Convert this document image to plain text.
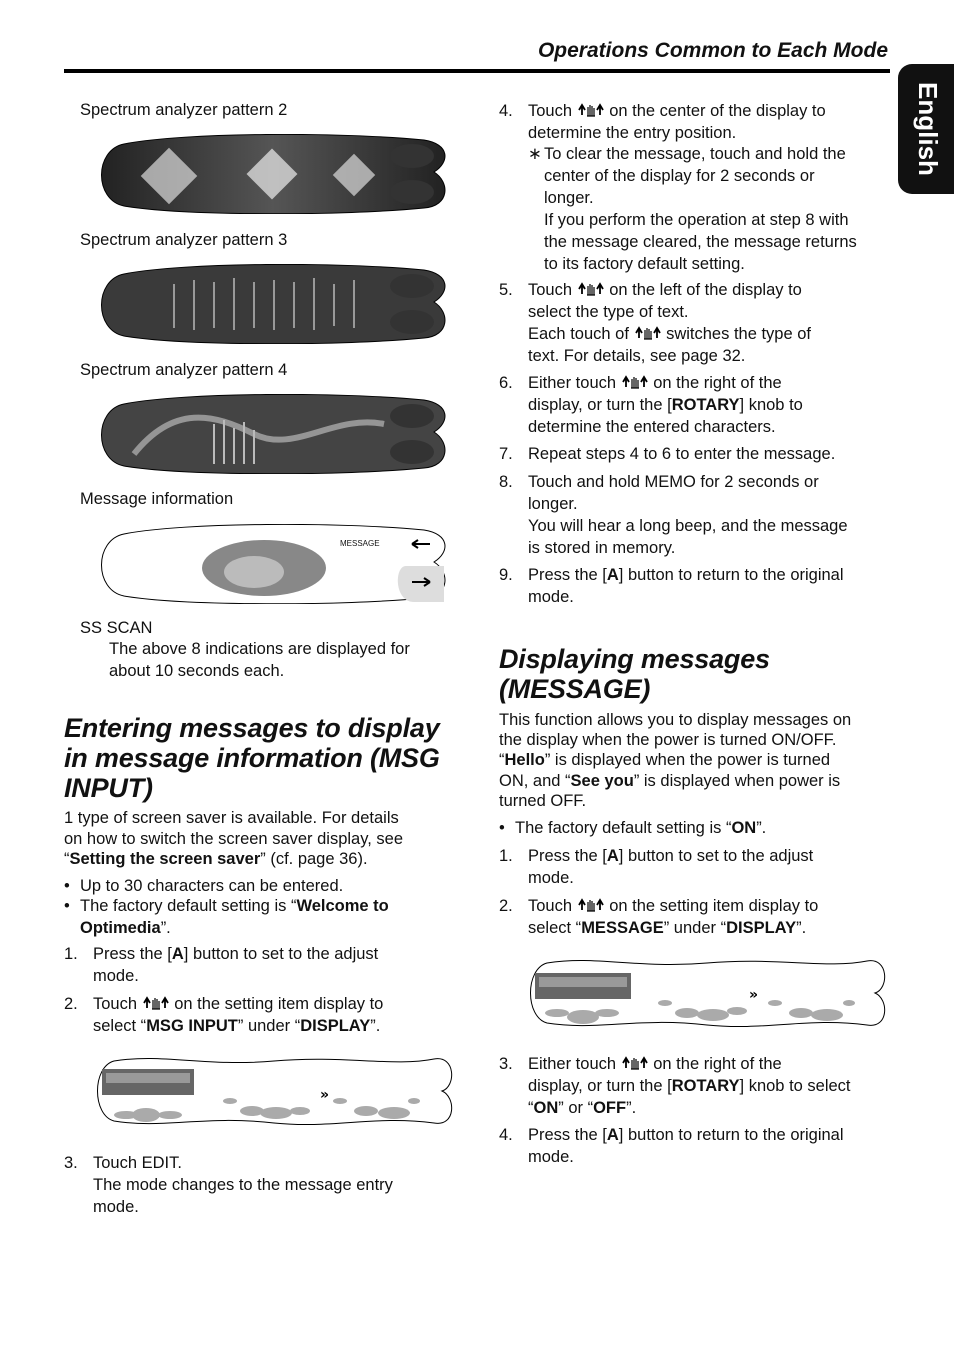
Operations Common to Each Mode
English
Spectrum analyzer pattern 2
Spectrum analyzer pattern 3
Spectrum analyzer pattern 4
Message information
MESSAGE
SS SCAN
The above 8 indications are displayed for
about 10 seconds each.
Entering messages to display
in message information (MSG
INPUT)
1 type of screen saver is available. For details
on how to switch the screen saver display, see
“Setting the screen saver” (cf. page 36).
• Up to 30 characters can be entered.
• The factory default setting is “Welcome to
Optimedia”.
1. Press the [A] button to set to the adjust
mode.
2. Touch on the setting item display to
select “MSG INPUT” under “DISPLAY”.
»
3. Touch EDIT.
The mode changes to the message entry
mode.
4. Touch on the center of the display to
determine the entry position.
∗ To clear the message, touch and hold the
center of the display for 2 seconds or
longer.
If you perform the operation at step 8 with
the message cleared, the message returns
to its factory default setting.
5. Touch on the left of the display to
select the type of text.
Each touch of switches the type of
text. For details, see page 32.
6. Either touch on the right of the
display, or turn the [ROTARY] knob to
determine the entered characters.
7. Repeat steps 4 to 6 to enter the message.
8. Touch and hold MEMO for 2 seconds or
longer.
You will hear a long beep, and the message
is stored in memory.
9. Press the [A] button to return to the original
mode.
Displaying messages
(MESSAGE)
This function allows you to display messages on
the display when the power is turned ON/OFF.
“Hello” is displayed when the power is turned
ON, and “See you” is displayed when power is
turned OFF.
• The factory default setting is “ON”.
1. Press the [A] button to set to the adjust
mode.
2. Touch on the setting item display to
select “MESSAGE” under “DISPLAY”.
»
3. Either touch on the right of the
display, or turn the [ROTARY] knob to select
“ON” or “OFF”.
4. Press the [A] button to return to the original
mode.
